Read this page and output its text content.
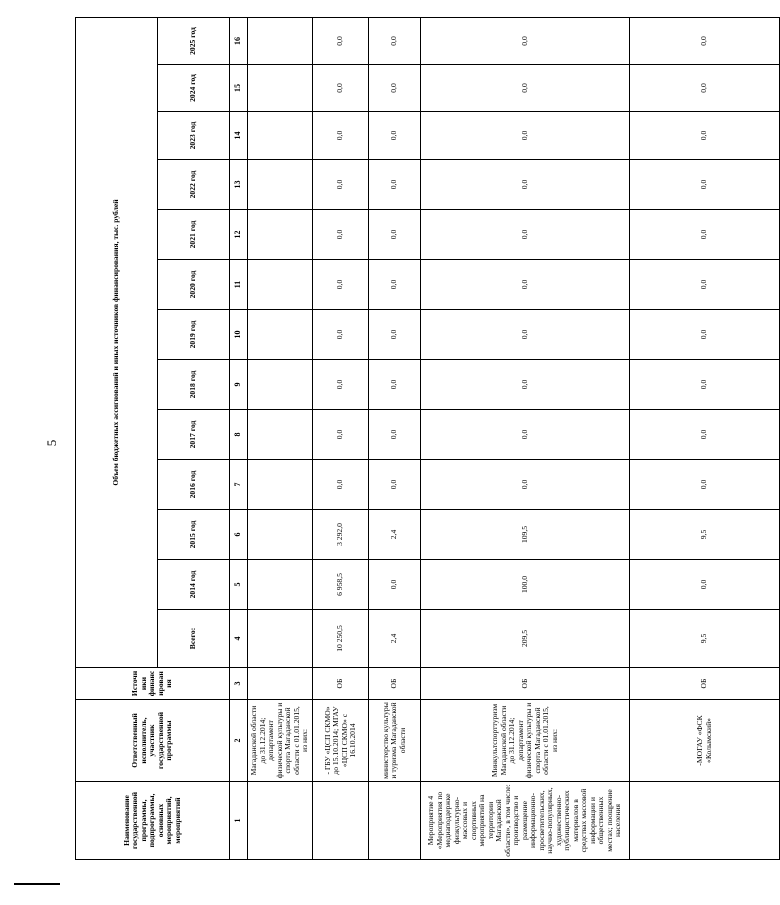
5
Наименование государственной программы, подпрограммы, основных мероприятий, мероприятий	Ответственный исполнитель, участник государственной программы	Источники финансирования	Объем бюджетных ассигнований и иных источников финансирования, тыс. рублей												
			Всего:	2014 год	2015 год	2016 год	2017 год	2018 год	2019 год	2020 год	2021 год	2022 год	2023 год	2024 год	2025 год
1	2	3	4	5	6	7	8	9	10	11	12	13	14	15	16
	Магаданской области до 31.12.2014; департамент физической культуры и спорта Магаданской области с 01.01.2015, из них:														
	- ГБУ «ЦСП СКМО» до 15.10.2014; МГАУ «ЦСП СКМО» с 16.10.2014	ОБ	10 250,5	6 958,5	3 292,0	0,0	0,0	0,0	0,0	0,0	0,0	0,0	0,0	0,0	0,0
	министерство культуры и туризма Магаданской области	ОБ	2,4	0,0	2,4	0,0	0,0	0,0	0,0	0,0	0,0	0,0	0,0	0,0	0,0
Мероприятие 4 «Мероприятия по медиаподдержке физкультурно-массовых и спортивных мероприятий на территории Магаданской области», в том числе: производство и размещение информационно-просветительских, научно-популярных, художественно-публицистических материалов в средствах массовой информации и общественных местах; поощрение населения	Минкультспорттуризм Магаданской области до 31.12.2014; департамент физической культуры и спорта Магаданской области с 01.01.2015, из них:	ОБ	209,5	100,0	109,5	0,0	0,0	0,0	0,0	0,0	0,0	0,0	0,0	0,0	0,0
	-МОГАУ «ФСК «Колымский»	ОБ	9,5	0,0	9,5	0,0	0,0	0,0	0,0	0,0	0,0	0,0	0,0	0,0	0,0
